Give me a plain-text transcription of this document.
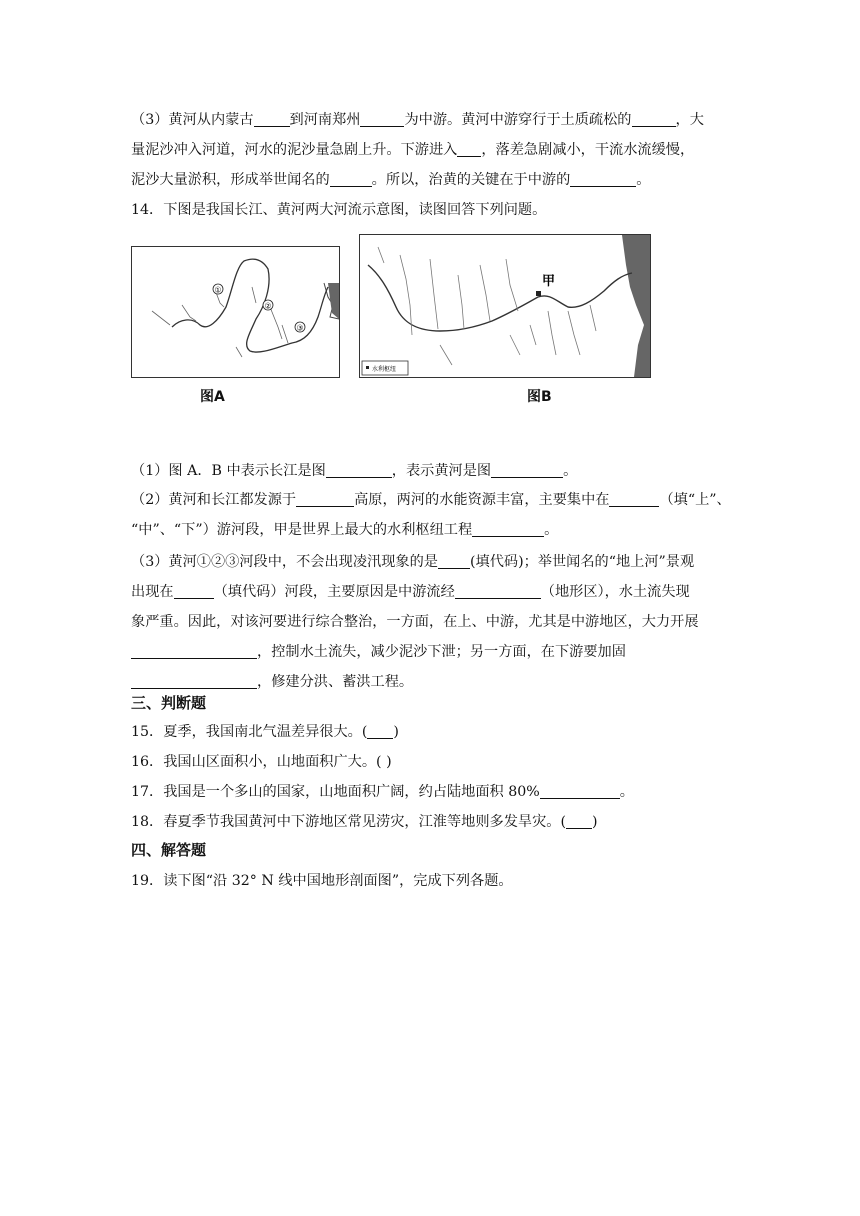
（3）黄河从内蒙古	到河南郑州	为中游。黄河中游穿行于土质疏松的	，大
量泥沙冲入河道，河水的泥沙量急剧上升。下游进入 ，落差急剧减小，干流水流缓慢，
泥沙大量淤积，形成举世闻名的	。所以，治黄的关键在于中游的	。
14．下图是我国长江、黄河两大河流示意图，读图回答下列问题。
①
②
③
图A
甲
水利枢纽
图B
（1）图 A．B 中表示长江是图	，表示黄河是图	。
（2）黄河和长江都发源于	高原，两河的水能资源丰富，主要集中在	（填“上”、
“中”、“下”）游河段，甲是世界上最大的水利枢纽工程	。
（3）黄河①②③河段中，不会出现凌汛现象的是 (填代码)；举世闻名的“地上河”景观
出现在	（填代码）河段，主要原因是中游流经	（地形区），水土流失现
象严重。因此，对该河要进行综合整治，一方面，在上、中游，尤其是中游地区，大力开展
，控制水土流失，减少泥沙下泄；另一方面，在下游要加固
，修建分洪、蓄洪工程。
三、判断题
15．夏季，我国南北气温差异很大。( )
16．我国山区面积小，山地面积广大。( )
17．我国是一个多山的国家，山地面积广阔，约占陆地面积 80%	。
18．春夏季节我国黄河中下游地区常见涝灾，江淮等地则多发旱灾。( )
四、解答题
19．读下图“沿 32° N 线中国地形剖面图”，完成下列各题。
